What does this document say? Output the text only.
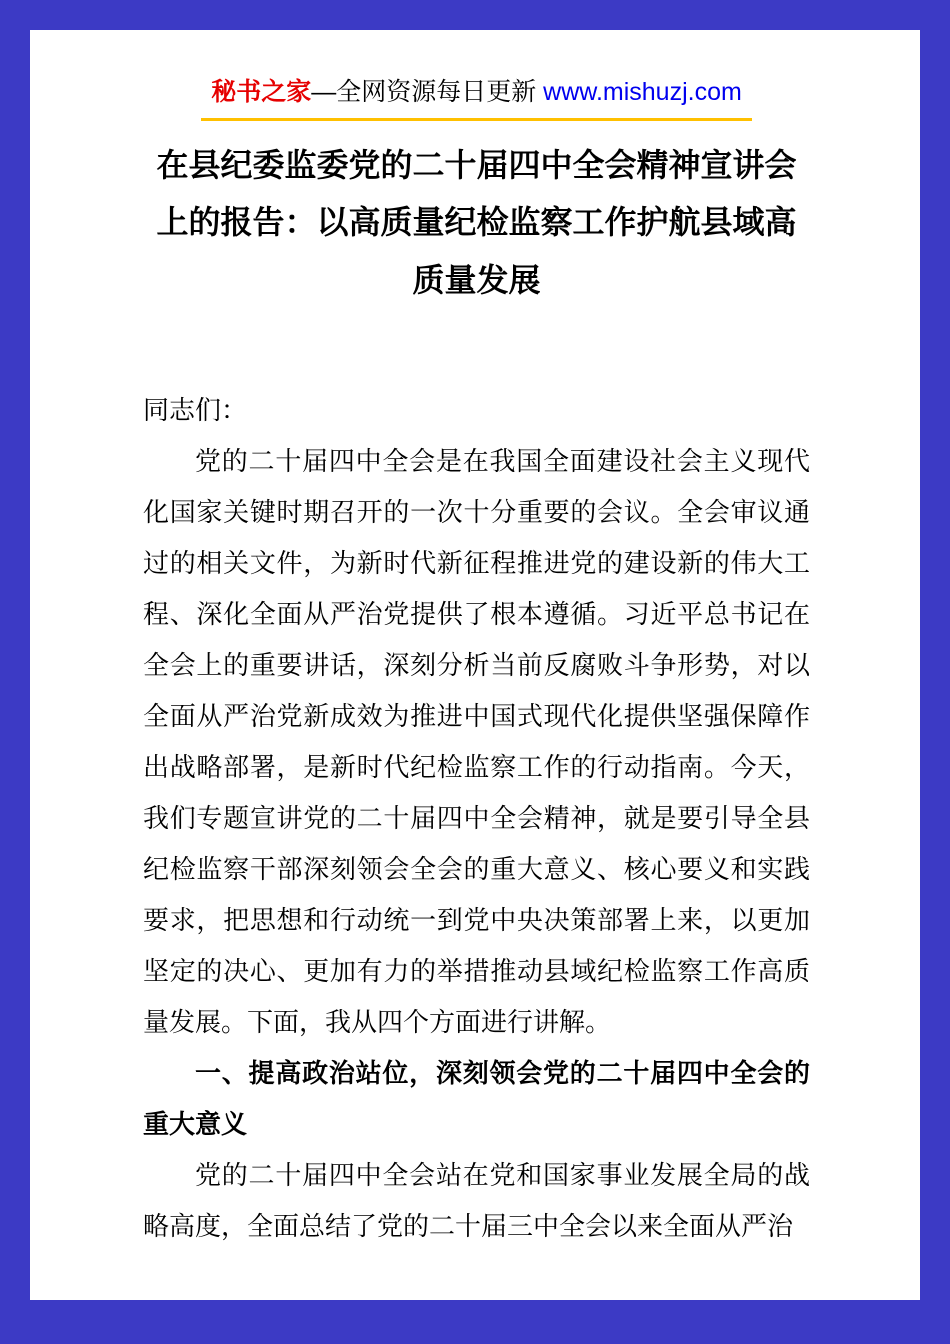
秘书之家—全网资源每日更新 www.mishuzj.com
在县纪委监委党的二十届四中全会精神宣讲会上的报告：以高质量纪检监察工作护航县域高质量发展

同志们：

党的二十届四中全会是在我国全面建设社会主义现代化国家关键时期召开的一次十分重要的会议。全会审议通过的相关文件，为新时代新征程推进党的建设新的伟大工程、深化全面从严治党提供了根本遵循。习近平总书记在全会上的重要讲话，深刻分析当前反腐败斗争形势，对以全面从严治党新成效为推进中国式现代化提供坚强保障作出战略部署，是新时代纪检监察工作的行动指南。今天，我们专题宣讲党的二十届四中全会精神，就是要引导全县纪检监察干部深刻领会全会的重大意义、核心要义和实践要求，把思想和行动统一到党中央决策部署上来，以更加坚定的决心、更加有力的举措推动县域纪检监察工作高质量发展。下面，我从四个方面进行讲解。

一、提高政治站位，深刻领会党的二十届四中全会的重大意义

党的二十届四中全会站在党和国家事业发展全局的战略高度，全面总结了党的二十届三中全会以来全面从严治
